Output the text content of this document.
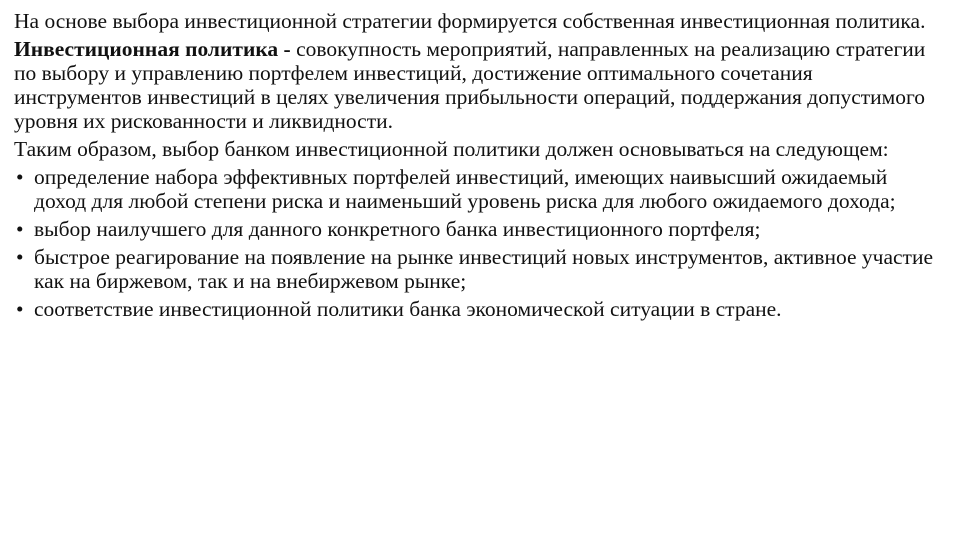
На основе выбора инвестиционной стратегии формируется собственная инвестиционная политика.

Инвестиционная политика - совокупность мероприятий, направленных на реализацию стратегии по выбору и управлению портфелем инвестиций, достижение оптимального сочетания инструментов инвестиций в целях увеличения прибыльности операций, поддержания допустимого уровня их рискованности и ликвидности.

Таким образом, выбор банком инвестиционной политики должен основываться на следующем:

• определение набора эффективных портфелей инвестиций, имеющих наивысший ожидаемый доход для любой степени риска и наименьший уровень риска для любого ожидаемого дохода;
• выбор наилучшего для данного конкретного банка инвестиционного портфеля;
• быстрое реагирование на появление на рынке инвестиций новых инструментов, активное участие как на биржевом, так и на внебиржевом рынке;
• соответствие инвестиционной политики банка экономической ситуации в стране.
